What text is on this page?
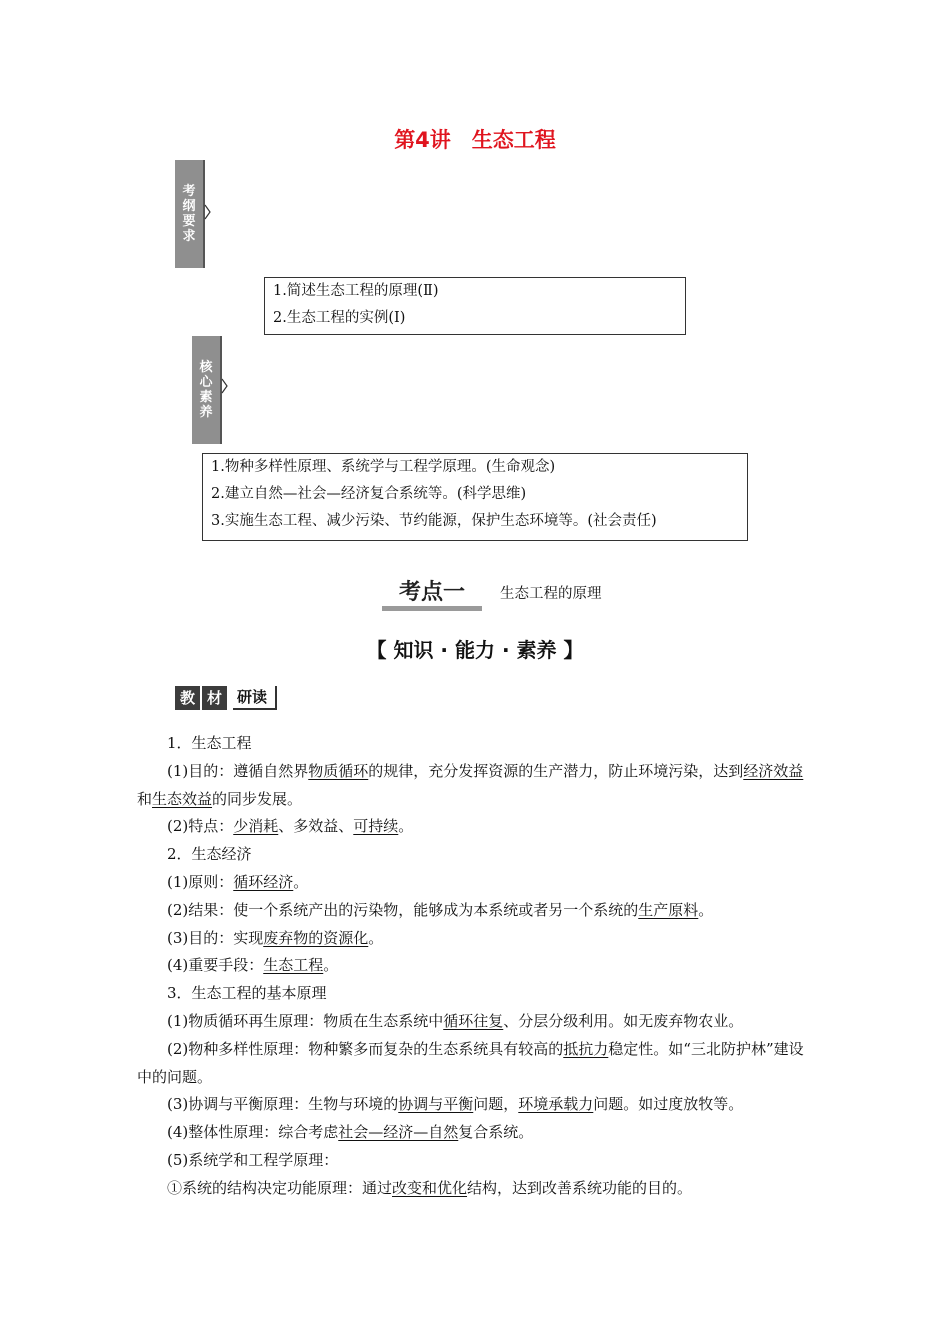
第4讲　生态工程
考
纲
要
求
1.简述生态工程的原理(Ⅱ)
2.生态工程的实例(Ⅰ)
核
心
素
养
1.物种多样性原理、系统学与工程学原理。(生命观念)
2.建立自然—社会—经济复合系统等。(科学思维)
3.实施生态工程、减少污染、节约能源，保护生态环境等。(社会责任)
考点一	生态工程的原理
【 知识 · 能力 · 素养 】
教 材 研读

1．生态工程

(1)目的：遵循自然界物质循环的规律，充分发挥资源的生产潜力，防止环境污染，达到经济效益和生态效益的同步发展。

(2)特点：少消耗、多效益、可持续。

2．生态经济

(1)原则：循环经济。

(2)结果：使一个系统产出的污染物，能够成为本系统或者另一个系统的生产原料。

(3)目的：实现废弃物的资源化。

(4)重要手段：生态工程。

3．生态工程的基本原理

(1)物质循环再生原理：物质在生态系统中循环往复、分层分级利用。如无废弃物农业。

(2)物种多样性原理：物种繁多而复杂的生态系统具有较高的抵抗力稳定性。如“三北防护林”建设中的问题。

(3)协调与平衡原理：生物与环境的协调与平衡问题，环境承载力问题。如过度放牧等。

(4)整体性原理：综合考虑社会—经济—自然复合系统。

(5)系统学和工程学原理：

①系统的结构决定功能原理：通过改变和优化结构，达到改善系统功能的目的。
